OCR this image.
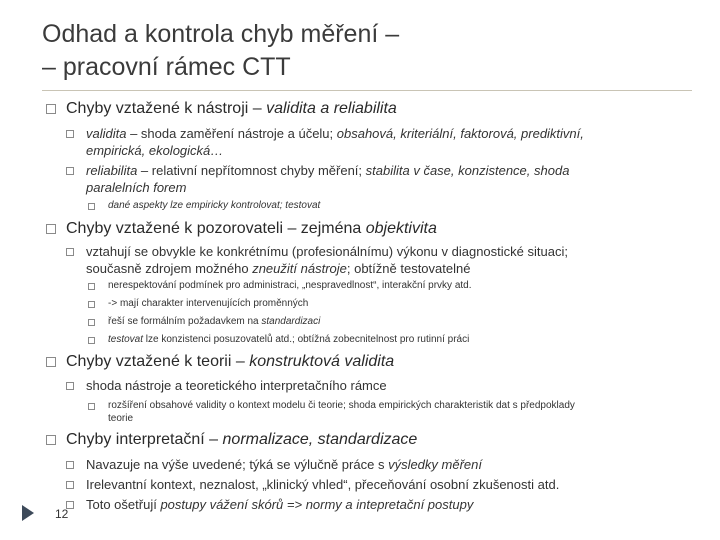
Odhad a kontrola chyb měření –
– pracovní rámec CTT
Chyby vztažené k nástroji – validita a reliabilita
validita – shoda zaměření nástroje a účelu; obsahová, kriteriální, faktorová, prediktivní,
empirická, ekologická…
reliabilita – relativní nepřítomnost chyby měření; stabilita v čase, konzistence, shoda
paralelních forem
dané aspekty lze empiricky kontrolovat; testovat
Chyby vztažené k pozorovateli – zejména objektivita
vztahují se obvykle ke konkrétnímu (profesionálnímu) výkonu v diagnostické situaci;
současně zdrojem možného zneužití nástroje; obtížně testovatelné
nerespektování podmínek pro administraci, „nespravedlnost“, interakční prvky atd.
-> mají charakter intervenujících proměnných
řeší se formálním požadavkem na standardizaci
testovat lze konzistenci posuzovatelů atd.; obtížná zobecnitelnost pro rutinní práci
Chyby vztažené k teorii – konstruktová validita
shoda nástroje a teoretického interpretačního rámce
rozšíření obsahové validity o kontext modelu či teorie; shoda empirických charakteristik dat s předpoklady
teorie
Chyby interpretační – normalizace, standardizace
Navazuje na výše uvedené; týká se výlučně práce s výsledky měření
Irelevantní kontext, neznalost, „klinický vhled“, přeceňování osobní zkušenosti atd.
Toto ošetřují postupy vážení skórů => normy a intepretační postupy
12
